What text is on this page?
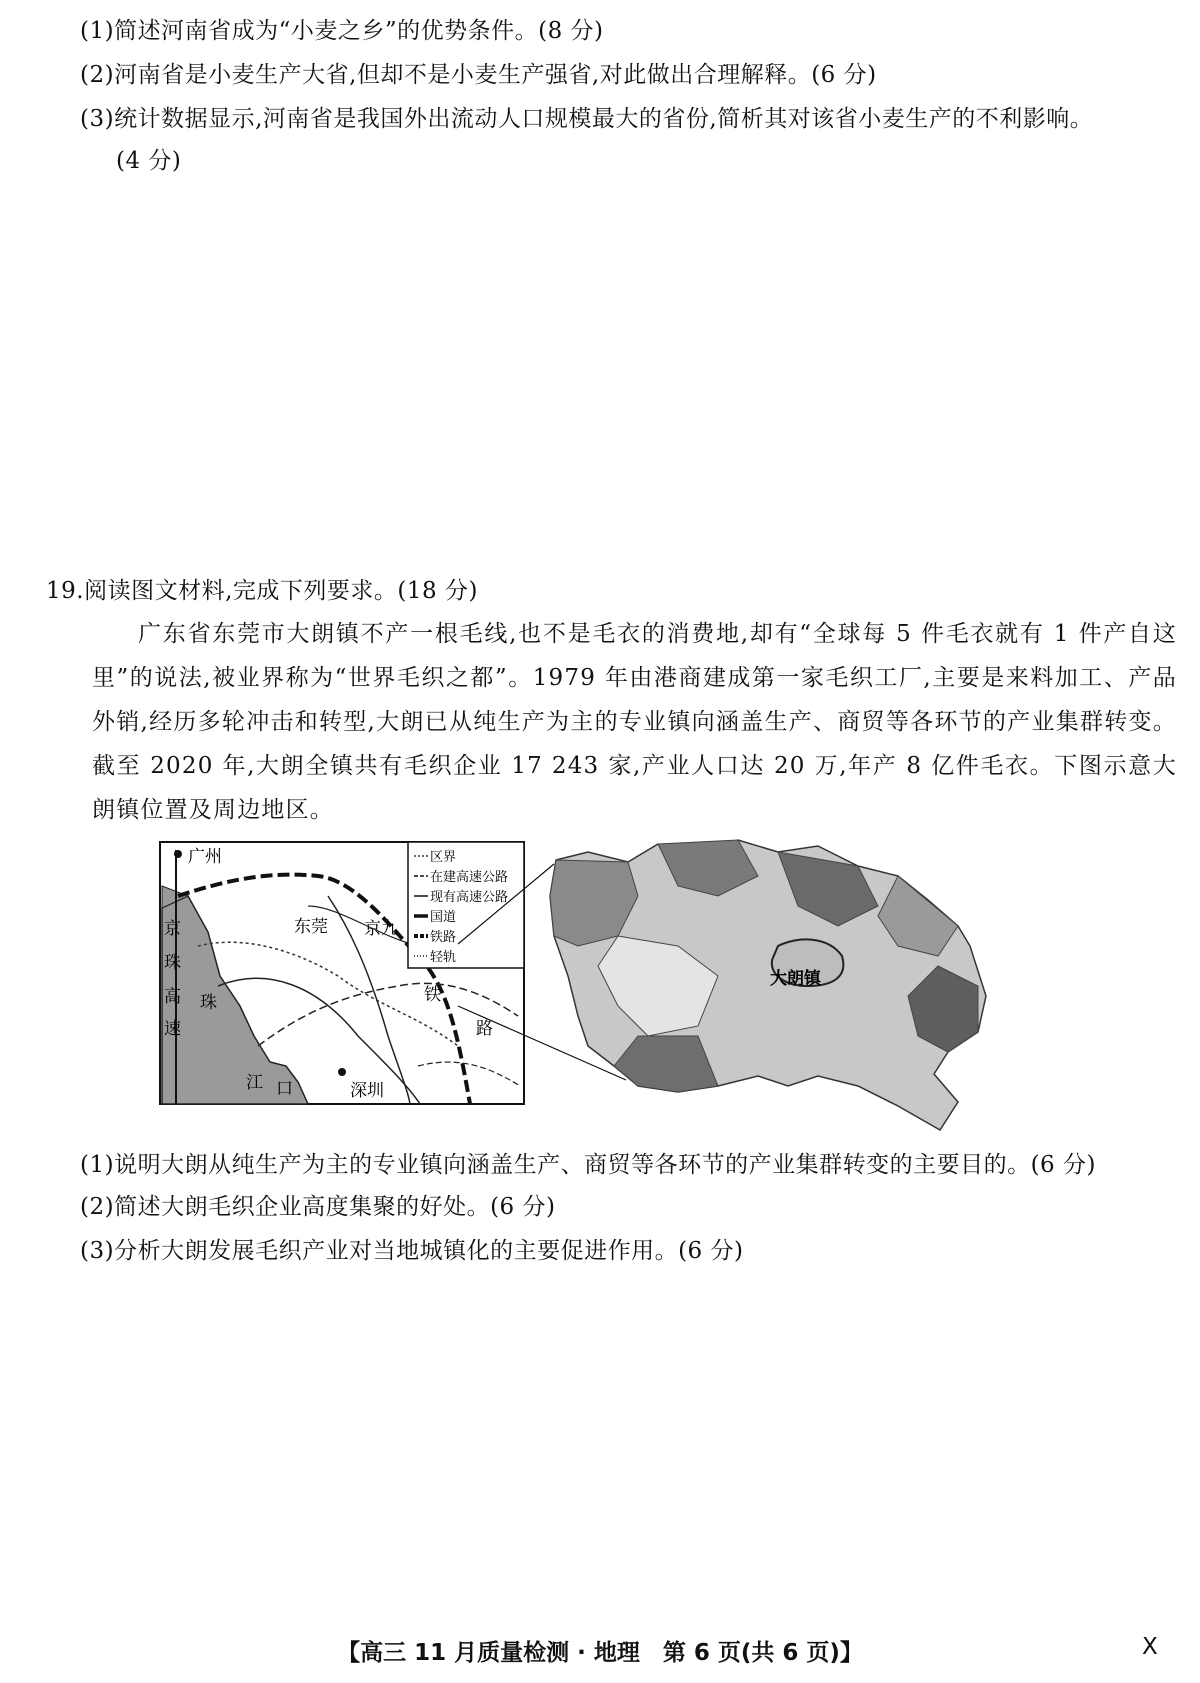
(1)简述河南省成为“小麦之乡”的优势条件。(8 分)
(2)河南省是小麦生产大省,但却不是小麦生产强省,对此做出合理解释。(6 分)
(3)统计数据显示,河南省是我国外出流动人口规模最大的省份,简析其对该省小麦生产的不利影响。
(4 分)
19.阅读图文材料,完成下列要求。(18 分)
广东省东莞市大朗镇不产一根毛线,也不是毛衣的消费地,却有“全球每 5 件毛衣就有 1 件产自这里”的说法,被业界称为“世界毛织之都”。1979 年由港商建成第一家毛织工厂,主要是来料加工、产品外销,经历多轮冲击和转型,大朗已从纯生产为主的专业镇向涵盖生产、商贸等各环节的产业集群转变。截至 2020 年,大朗全镇共有毛织企业 17 243 家,产业人口达 20 万,年产 8 亿件毛衣。下图示意大朗镇位置及周边地区。
广州
东莞
深圳
珠
江 口
京
珠
高
速
京九
铁
路
区界
在建高速公路
现有高速公路
国道
铁路
轻轨
大朗镇
(1)说明大朗从纯生产为主的专业镇向涵盖生产、商贸等各环节的产业集群转变的主要目的。(6 分)
(2)简述大朗毛织企业高度集聚的好处。(6 分)
(3)分析大朗发展毛织产业对当地城镇化的主要促进作用。(6 分)
【高三 11 月质量检测 · 地理　第 6 页(共 6 页)】	X
